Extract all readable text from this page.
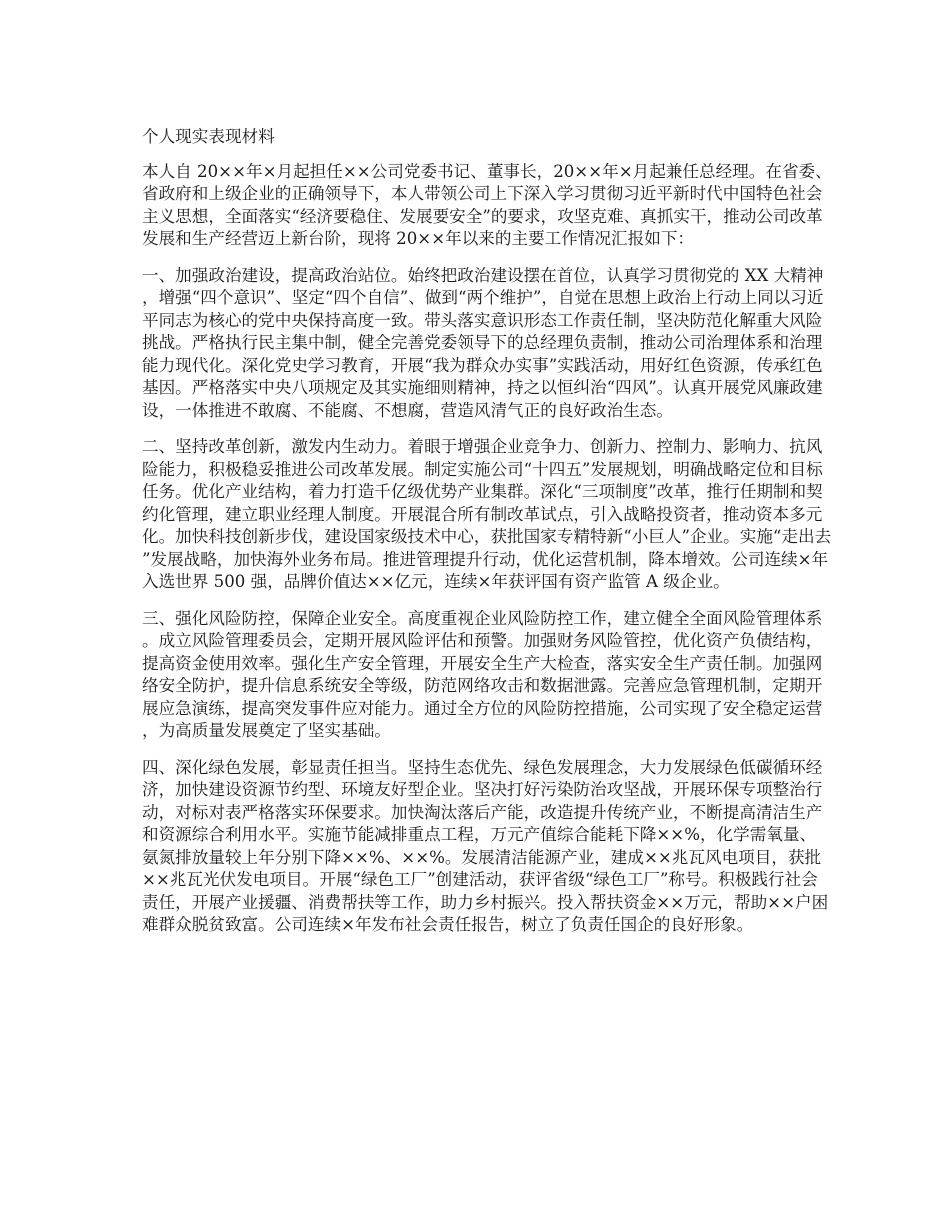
个人现实表现材料

本人自 20××年×月起担任××公司党委书记、董事长，20××年×月起兼任总经理。在省委、省政府和上级企业的正确领导下，本人带领公司上下深入学习贯彻习近平新时代中国特色社会主义思想，全面落实“经济要稳住、发展要安全”的要求，攻坚克难、真抓实干，推动公司改革发展和生产经营迈上新台阶，现将 20××年以来的主要工作情况汇报如下：

一、加强政治建设，提高政治站位。始终把政治建设摆在首位，认真学习贯彻党的 XX 大精神，增强“四个意识”、坚定“四个自信”、做到“两个维护”，自觉在思想上政治上行动上同以习近平同志为核心的党中央保持高度一致。带头落实意识形态工作责任制，坚决防范化解重大风险挑战。严格执行民主集中制，健全完善党委领导下的总经理负责制，推动公司治理体系和治理能力现代化。深化党史学习教育，开展“我为群众办实事”实践活动，用好红色资源，传承红色基因。严格落实中央八项规定及其实施细则精神，持之以恒纠治“四风”。认真开展党风廉政建设，一体推进不敢腐、不能腐、不想腐，营造风清气正的良好政治生态。

二、坚持改革创新，激发内生动力。着眼于增强企业竞争力、创新力、控制力、影响力、抗风险能力，积极稳妥推进公司改革发展。制定实施公司“十四五”发展规划，明确战略定位和目标任务。优化产业结构，着力打造千亿级优势产业集群。深化“三项制度”改革，推行任期制和契约化管理，建立职业经理人制度。开展混合所有制改革试点，引入战略投资者，推动资本多元化。加快科技创新步伐，建设国家级技术中心，获批国家专精特新“小巨人”企业。实施“走出去”发展战略，加快海外业务布局。推进管理提升行动，优化运营机制，降本增效。公司连续×年入选世界 500 强，品牌价值达××亿元，连续×年获评国有资产监管 A 级企业。

三、强化风险防控，保障企业安全。高度重视企业风险防控工作，建立健全全面风险管理体系。成立风险管理委员会，定期开展风险评估和预警。加强财务风险管控，优化资产负债结构，提高资金使用效率。强化生产安全管理，开展安全生产大检查，落实安全生产责任制。加强网络安全防护，提升信息系统安全等级，防范网络攻击和数据泄露。完善应急管理机制，定期开展应急演练，提高突发事件应对能力。通过全方位的风险防控措施，公司实现了安全稳定运营，为高质量发展奠定了坚实基础。

四、深化绿色发展，彰显责任担当。坚持生态优先、绿色发展理念，大力发展绿色低碳循环经济，加快建设资源节约型、环境友好型企业。坚决打好污染防治攻坚战，开展环保专项整治行动，对标对表严格落实环保要求。加快淘汰落后产能，改造提升传统产业，不断提高清洁生产和资源综合利用水平。实施节能减排重点工程，万元产值综合能耗下降××%，化学需氧量、氨氮排放量较上年分别下降××%、××%。发展清洁能源产业，建成××兆瓦风电项目，获批××兆瓦光伏发电项目。开展“绿色工厂”创建活动，获评省级“绿色工厂”称号。积极践行社会责任，开展产业援疆、消费帮扶等工作，助力乡村振兴。投入帮扶资金××万元，帮助××户困难群众脱贫致富。公司连续×年发布社会责任报告，树立了负责任国企的良好形象。
